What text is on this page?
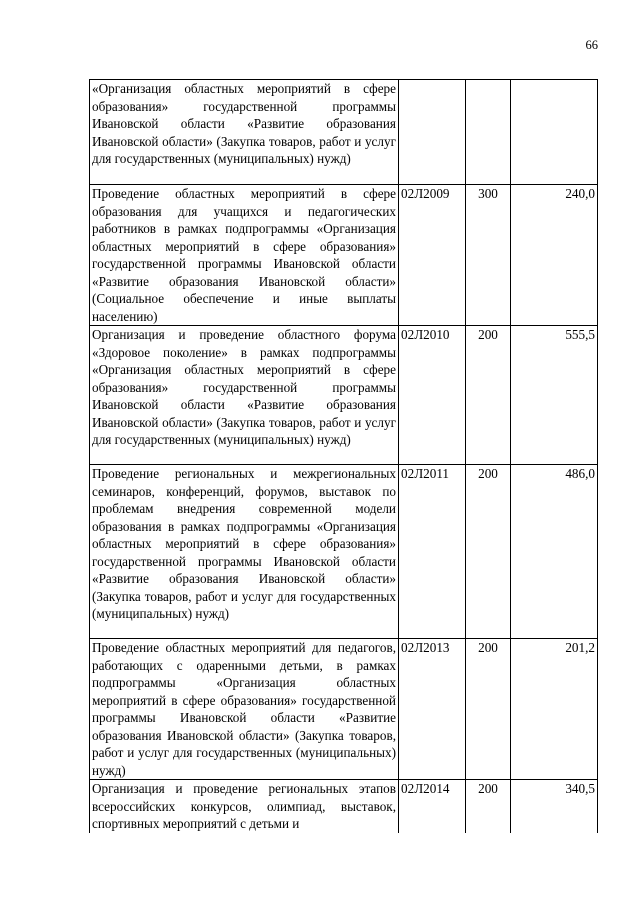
66
«Организация областных мероприятий в сфере образования» государственной программы Ивановской области «Развитие образования Ивановской области» (Закупка товаров, работ и услуг для государственных (муниципальных) нужд)			
Проведение областных мероприятий в сфере образования для учащихся и педагогических работников в рамках подпрограммы «Организация областных мероприятий в сфере образования» государственной программы Ивановской области «Развитие образования Ивановской области» (Социальное обеспечение и иные выплаты населению)	02Л2009	300	240,0
Организация и проведение областного форума «Здоровое поколение» в рамках подпрограммы «Организация областных мероприятий в сфере образования» государственной программы Ивановской области «Развитие образования Ивановской области» (Закупка товаров, работ и услуг для государственных (муниципальных) нужд)	02Л2010	200	555,5
Проведение региональных и межрегиональных семинаров, конференций, форумов, выставок по проблемам внедрения современной модели образования в рамках подпрограммы «Организация областных мероприятий в сфере образования» государственной программы Ивановской области «Развитие образования Ивановской области» (Закупка товаров, работ и услуг для государственных (муниципальных) нужд)	02Л2011	200	486,0
Проведение областных мероприятий для педагогов, работающих с одаренными детьми, в рамках подпрограммы «Организация областных мероприятий в сфере образования» государственной программы Ивановской области «Развитие образования Ивановской области» (Закупка товаров, работ и услуг для государственных (муниципальных) нужд)	02Л2013	200	201,2
Организация и проведение региональных этапов всероссийских конкурсов, олимпиад, выставок, спортивных мероприятий с детьми и	02Л2014	200	340,5
